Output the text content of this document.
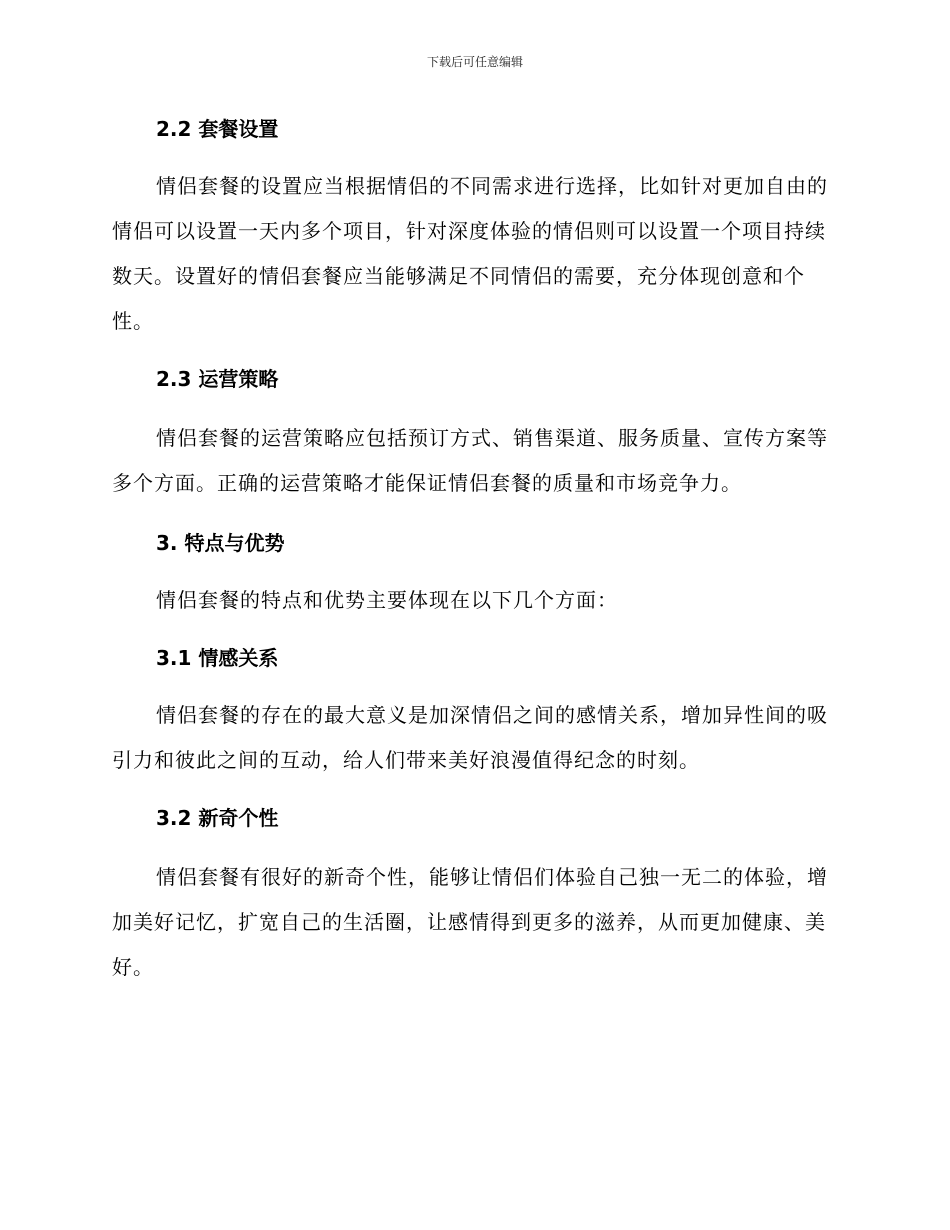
下载后可任意编辑
2.2 套餐设置

情侣套餐的设置应当根据情侣的不同需求进行选择，比如针对更加自由的情侣可以设置一天内多个项目，针对深度体验的情侣则可以设置一个项目持续数天。设置好的情侣套餐应当能够满足不同情侣的需要，充分体现创意和个性。

2.3 运营策略

情侣套餐的运营策略应包括预订方式、销售渠道、服务质量、宣传方案等多个方面。正确的运营策略才能保证情侣套餐的质量和市场竞争力。

3. 特点与优势

情侣套餐的特点和优势主要体现在以下几个方面：

3.1 情感关系

情侣套餐的存在的最大意义是加深情侣之间的感情关系，增加异性间的吸引力和彼此之间的互动，给人们带来美好浪漫值得纪念的时刻。

3.2 新奇个性

情侣套餐有很好的新奇个性，能够让情侣们体验自己独一无二的体验，增加美好记忆，扩宽自己的生活圈，让感情得到更多的滋养，从而更加健康、美好。
